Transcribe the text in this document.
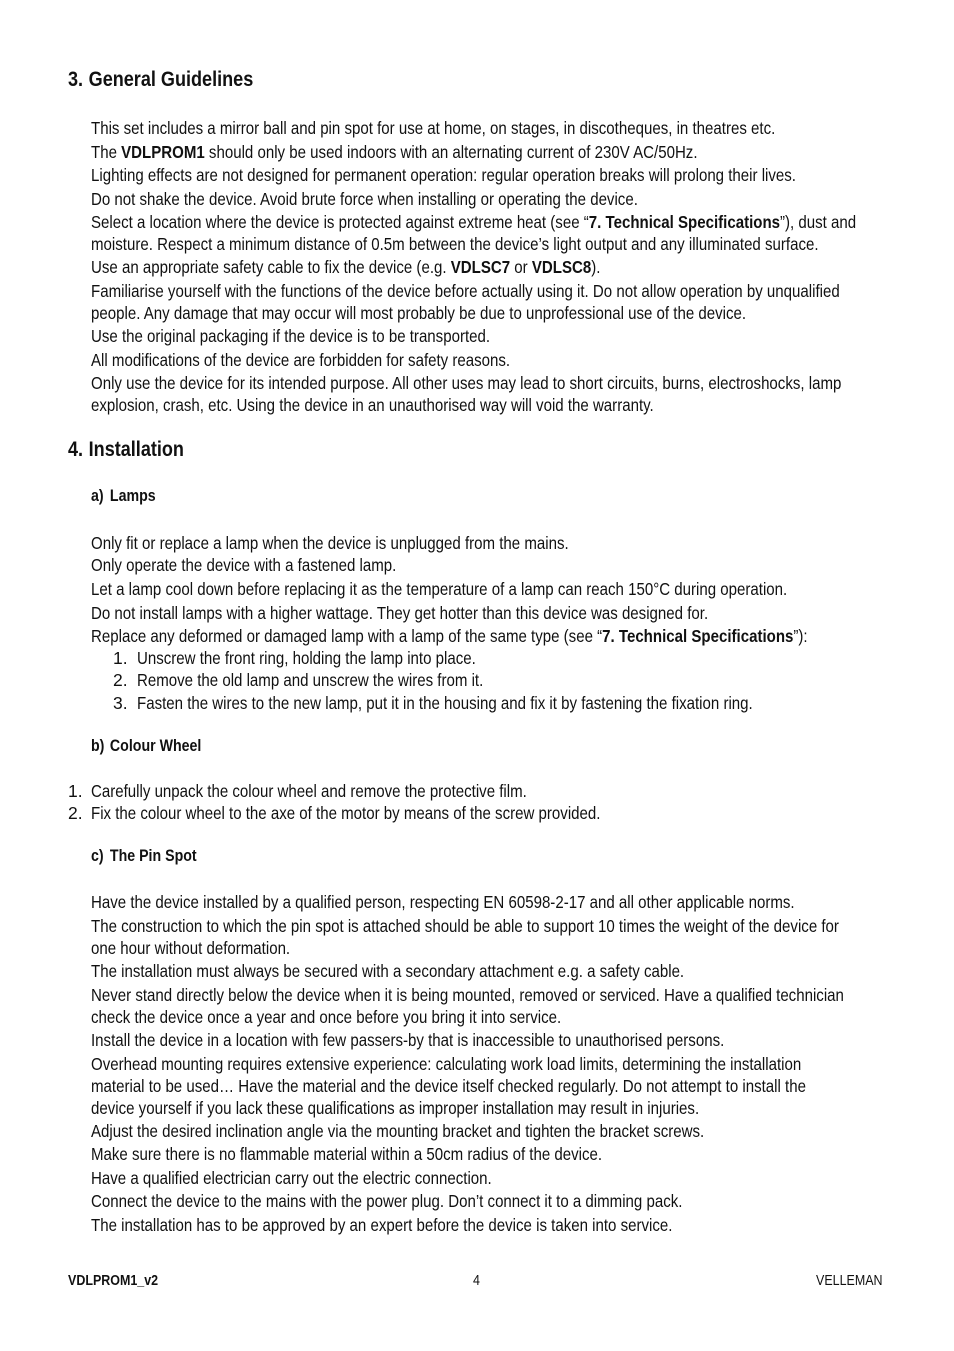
3. General Guidelines
This set includes a mirror ball and pin spot for use at home, on stages, in discotheques, in theatres etc.
The VDLPROM1 should only be used indoors with an alternating current of 230V AC/50Hz.
Lighting effects are not designed for permanent operation: regular operation breaks will prolong their lives.
Do not shake the device. Avoid brute force when installing or operating the device.
Select a location where the device is protected against extreme heat (see “7. Technical Specifications”), dust and
moisture. Respect a minimum distance of 0.5m between the device’s light output and any illuminated surface.
Use an appropriate safety cable to fix the device (e.g. VDLSC7 or VDLSC8).
Familiarise yourself with the functions of the device before actually using it. Do not allow operation by unqualified
people. Any damage that may occur will most probably be due to unprofessional use of the device.
Use the original packaging if the device is to be transported.
All modifications of the device are forbidden for safety reasons.
Only use the device for its intended purpose. All other uses may lead to short circuits, burns, electroshocks, lamp
explosion, crash, etc. Using the device in an unauthorised way will void the warranty.
4. Installation
a) Lamps
Only fit or replace a lamp when the device is unplugged from the mains.
Only operate the device with a fastened lamp.
Let a lamp cool down before replacing it as the temperature of a lamp can reach 150°C during operation.
Do not install lamps with a higher wattage. They get hotter than this device was designed for.
Replace any deformed or damaged lamp with a lamp of the same type (see “7. Technical Specifications”):
1. Unscrew the front ring, holding the lamp into place.
2. Remove the old lamp and unscrew the wires from it.
3. Fasten the wires to the new lamp, put it in the housing and fix it by fastening the fixation ring.
b) Colour Wheel
1. Carefully unpack the colour wheel and remove the protective film.
2. Fix the colour wheel to the axe of the motor by means of the screw provided.
c) The Pin Spot
Have the device installed by a qualified person, respecting EN 60598-2-17 and all other applicable norms.
The construction to which the pin spot is attached should be able to support 10 times the weight of the device for
one hour without deformation.
The installation must always be secured with a secondary attachment e.g. a safety cable.
Never stand directly below the device when it is being mounted, removed or serviced. Have a qualified technician
check the device once a year and once before you bring it into service.
Install the device in a location with few passers-by that is inaccessible to unauthorised persons.
Overhead mounting requires extensive experience: calculating work load limits, determining the installation
material to be used… Have the material and the device itself checked regularly. Do not attempt to install the
device yourself if you lack these qualifications as improper installation may result in injuries.
Adjust the desired inclination angle via the mounting bracket and tighten the bracket screws.
Make sure there is no flammable material within a 50cm radius of the device.
Have a qualified electrician carry out the electric connection.
Connect the device to the mains with the power plug. Don’t connect it to a dimming pack.
The installation has to be approved by an expert before the device is taken into service.
VDLPROM1_v2	4	VELLEMAN
